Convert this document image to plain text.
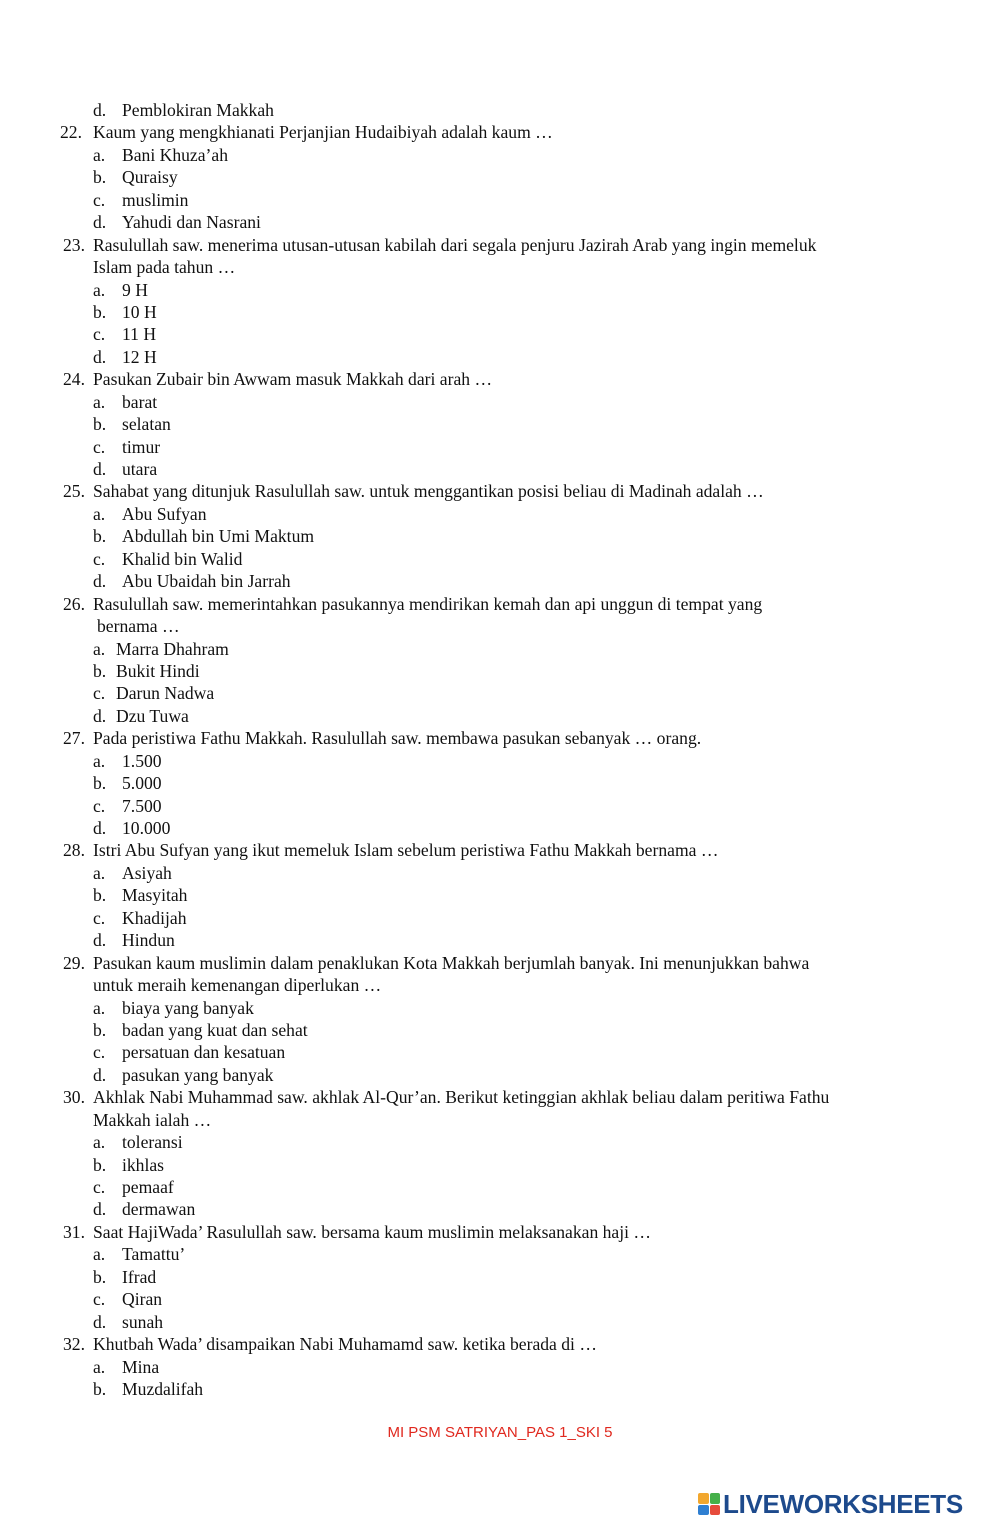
d. Pemblokiran Makkah
22. Kaum yang mengkhianati Perjanjian Hudaibiyah adalah kaum …
a. Bani Khuza’ah
b. Quraisy
c. muslimin
d. Yahudi dan Nasrani
23. Rasulullah saw. menerima utusan-utusan kabilah dari segala penjuru Jazirah Arab yang ingin memeluk
Islam pada tahun …
a. 9 H
b. 10 H
c. 11 H
d. 12 H
24. Pasukan Zubair bin Awwam masuk Makkah dari arah …
a. barat
b. selatan
c. timur
d. utara
25. Sahabat yang ditunjuk Rasulullah saw. untuk menggantikan posisi beliau di Madinah adalah …
a. Abu Sufyan
b. Abdullah bin Umi Maktum
c. Khalid bin Walid
d. Abu Ubaidah bin Jarrah
26. Rasulullah saw. memerintahkan pasukannya mendirikan kemah dan api unggun di tempat yang
bernama …
a. Marra Dhahram
b. Bukit Hindi
c. Darun Nadwa
d. Dzu Tuwa
27. Pada peristiwa Fathu Makkah. Rasulullah saw. membawa pasukan sebanyak … orang.
a. 1.500
b. 5.000
c. 7.500
d. 10.000
28. Istri Abu Sufyan yang ikut memeluk Islam sebelum peristiwa Fathu Makkah bernama …
a. Asiyah
b. Masyitah
c. Khadijah
d. Hindun
29. Pasukan kaum muslimin dalam penaklukan Kota Makkah berjumlah banyak. Ini menunjukkan bahwa
untuk meraih kemenangan diperlukan …
a. biaya yang banyak
b. badan yang kuat dan sehat
c. persatuan dan kesatuan
d. pasukan yang banyak
30. Akhlak Nabi Muhammad saw. akhlak Al-Qur’an. Berikut ketinggian akhlak beliau dalam peritiwa Fathu
Makkah ialah …
a. toleransi
b. ikhlas
c. pemaaf
d. dermawan
31. Saat HajiWada’ Rasulullah saw. bersama kaum muslimin melaksanakan haji …
a. Tamattu’
b. Ifrad
c. Qiran
d. sunah
32. Khutbah Wada’ disampaikan Nabi Muhamamd saw. ketika berada di …
a. Mina
b. Muzdalifah
MI PSM SATRIYAN_PAS 1_SKI 5
LIVEWORKSHEETS
